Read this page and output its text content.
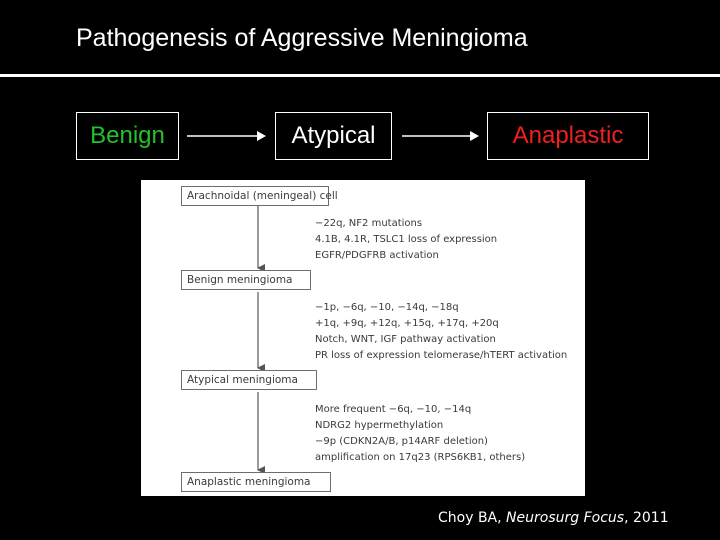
Pathogenesis of Aggressive Meningioma
Benign	Atypical	Anaplastic
Arachnoidal (meningeal) cell
−22q, NF2 mutations
4.1B, 4.1R, TSLC1 loss of expression
EGFR/PDGFRB activation
Benign meningioma
−1p, −6q, −10, −14q, −18q
+1q, +9q, +12q, +15q, +17q, +20q
Notch, WNT, IGF pathway activation
PR loss of expression telomerase/hTERT activation
Atypical meningioma
More frequent −6q, −10, −14q
NDRG2 hypermethylation
−9p (CDKN2A/B, p14ARF deletion)
amplification on 17q23 (RPS6KB1, others)
Anaplastic meningioma
Choy BA, Neurosurg Focus, 2011
